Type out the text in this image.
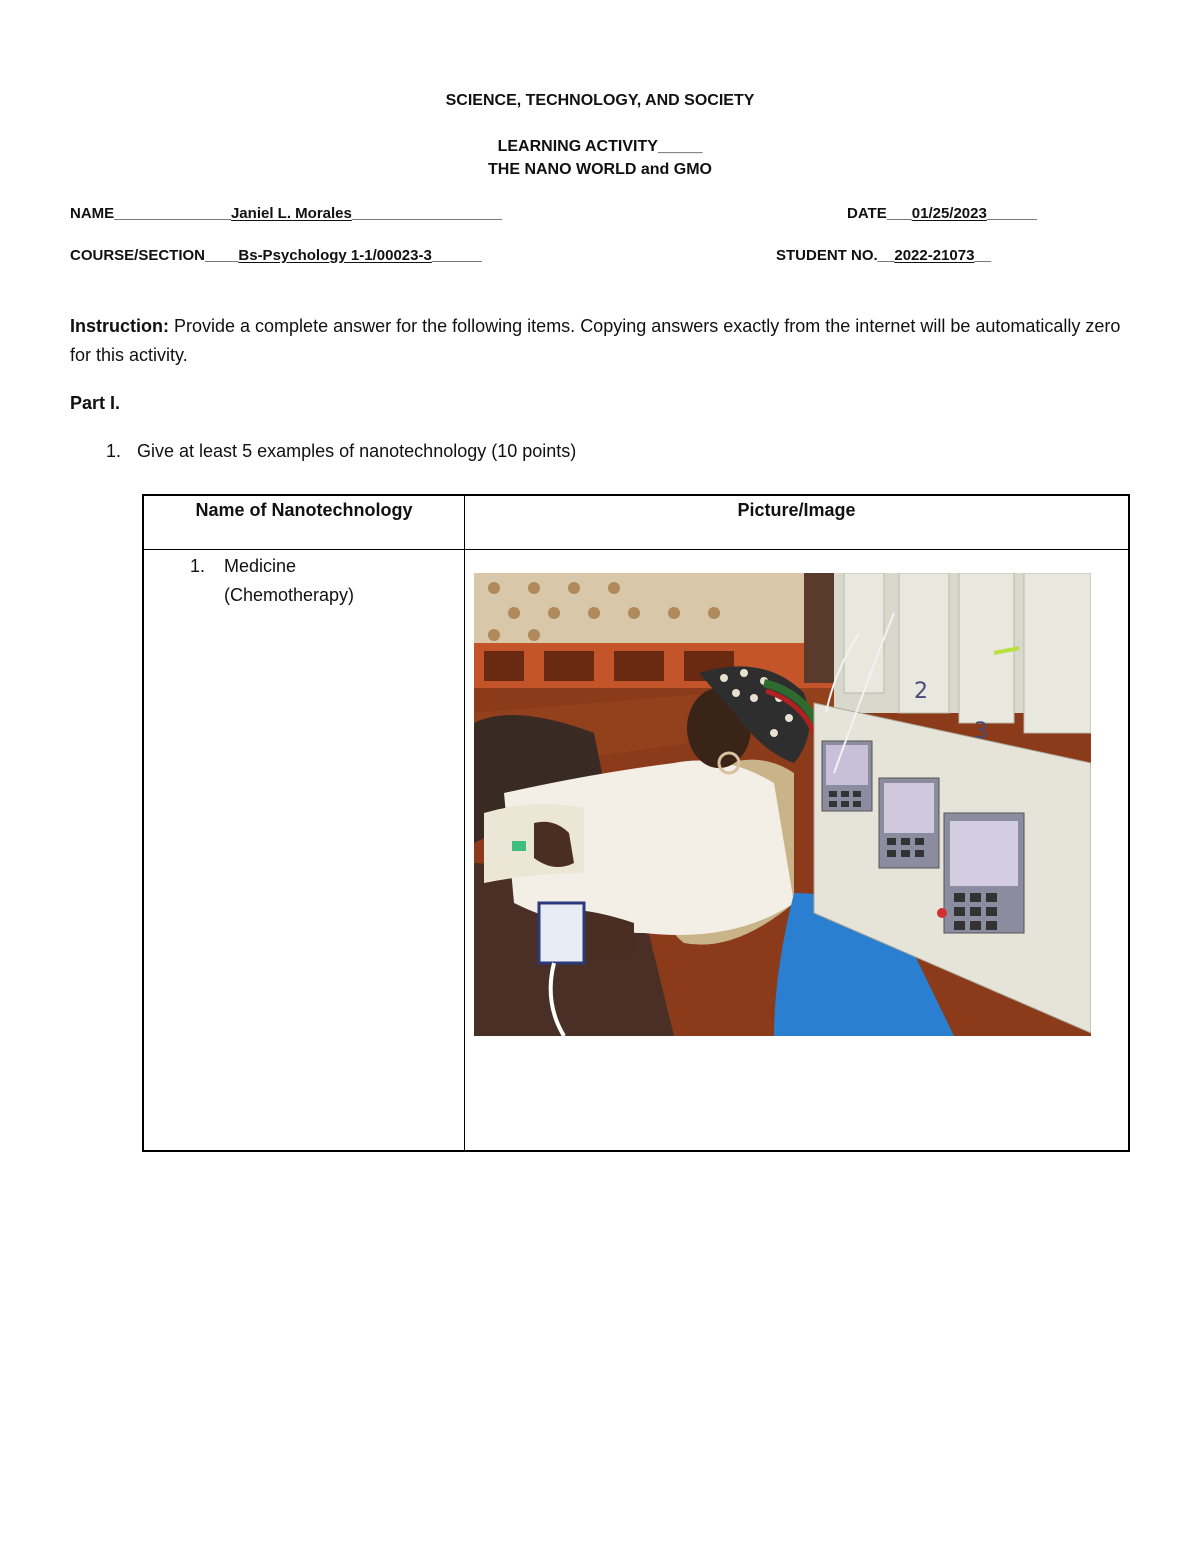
SCIENCE, TECHNOLOGY, AND SOCIETY
LEARNING ACTIVITY_____
THE NANO WORLD and GMO
NAME______________Janiel L. Morales__________________	DATE___01/25/2023______
COURSE/SECTION____Bs-Psychology 1-1/00023-3______	STUDENT NO.__2022-21073__
Instruction: Provide a complete answer for the following items. Copying answers exactly from the internet will be automatically zero for this activity.
Part I.
1. Give at least 5 examples of nanotechnology (10 points)
Name of Nanotechnology	Picture/Image

1. Medicine
(Chemotherapy)	

2
3
